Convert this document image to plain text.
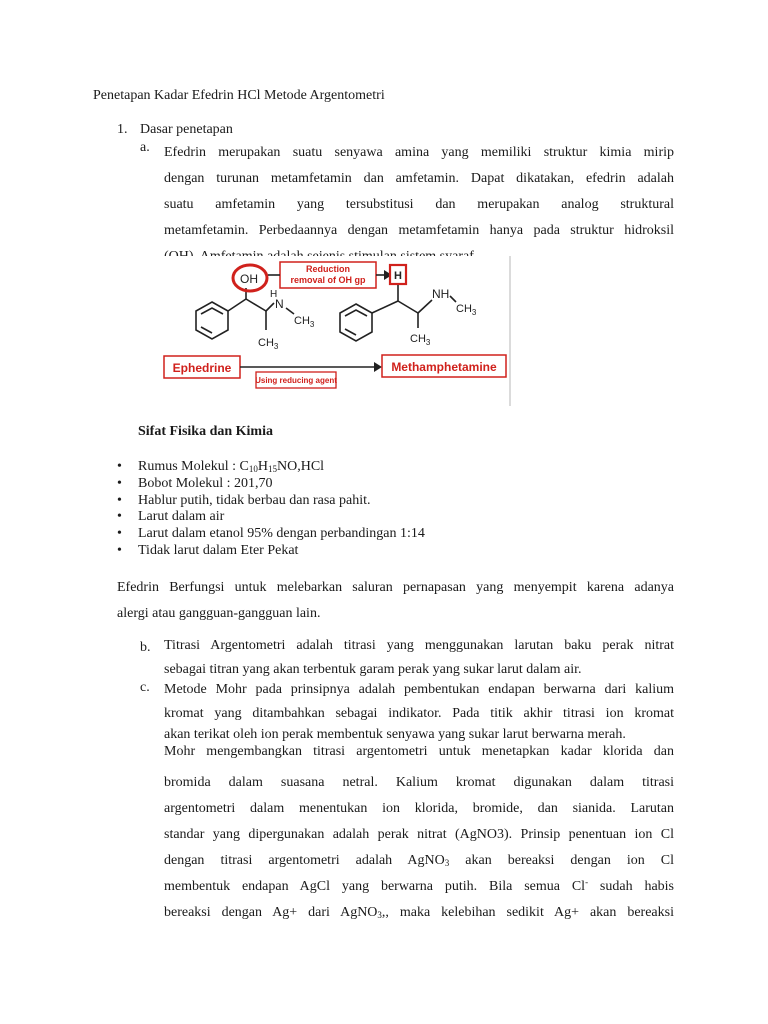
Penetapan Kadar Efedrin HCl Metode Argentometri
1. Dasar penetapan
a. Efedrin merupakan suatu senyawa amina yang memiliki struktur kimia mirip

dengan turunan metamfetamin dan amfetamin. Dapat dikatakan, efedrin adalah

suatu amfetamin yang tersubstitusi dan merupakan analog struktural

metamfetamin. Perbedaannya dengan metamfetamin hanya pada struktur hidroksil

OH
H
N
$CH_3$
$CH_3$
Reduction
removal of OH gp	H
NH
$CH_3$
$CH_3$
Ephedrine	Methamphetamine
Using reducing agent
Sifat Fisika dan Kimia
• Rumus Molekul : $C_{10}H_{15}NO,HCl$
• Bobot Molekul : 201,70
• Hablur putih, tidak berbau dan rasa pahit.
• Larut dalam air
• Larut dalam etanol 95% dengan perbandingan 1:14
• Tidak larut dalam Eter Pekat

Efedrin Berfungsi untuk melebarkan saluran pernapasan yang menyempit karena adanya

alergi atau gangguan-gangguan lain.

b. Titrasi Argentometri adalah titrasi yang menggunakan larutan baku perak nitrat
sebagai titran yang akan terbentuk garam perak yang sukar larut dalam air.
c. Metode Mohr pada prinsipnya adalah pembentukan endapan berwarna dari kalium

kromat yang ditambahkan sebagai indikator. Pada titik akhir titrasi ion kromat

akan terikat oleh ion perak membentuk senyawa yang sukar larut berwarna merah.

Mohr mengembangkan titrasi argentometri untuk menetapkan kadar klorida dan

bromida dalam suasana netral. Kalium kromat digunakan dalam titrasi

argentometri dalam menentukan ion klorida, bromide, dan sianida. Larutan

standar yang dipergunakan adalah perak nitrat (AgNO3). Prinsip penentuan ion Cl

dengan titrasi argentometri adalah AgNO$_3$ akan bereaksi dengan ion Cl

membentuk endapan AgCl yang berwarna putih. Bila semua Cl- sudah habis

bereaksi dengan Ag+ dari AgNO$_3$,, maka kelebihan sedikit Ag+ akan bereaksi
